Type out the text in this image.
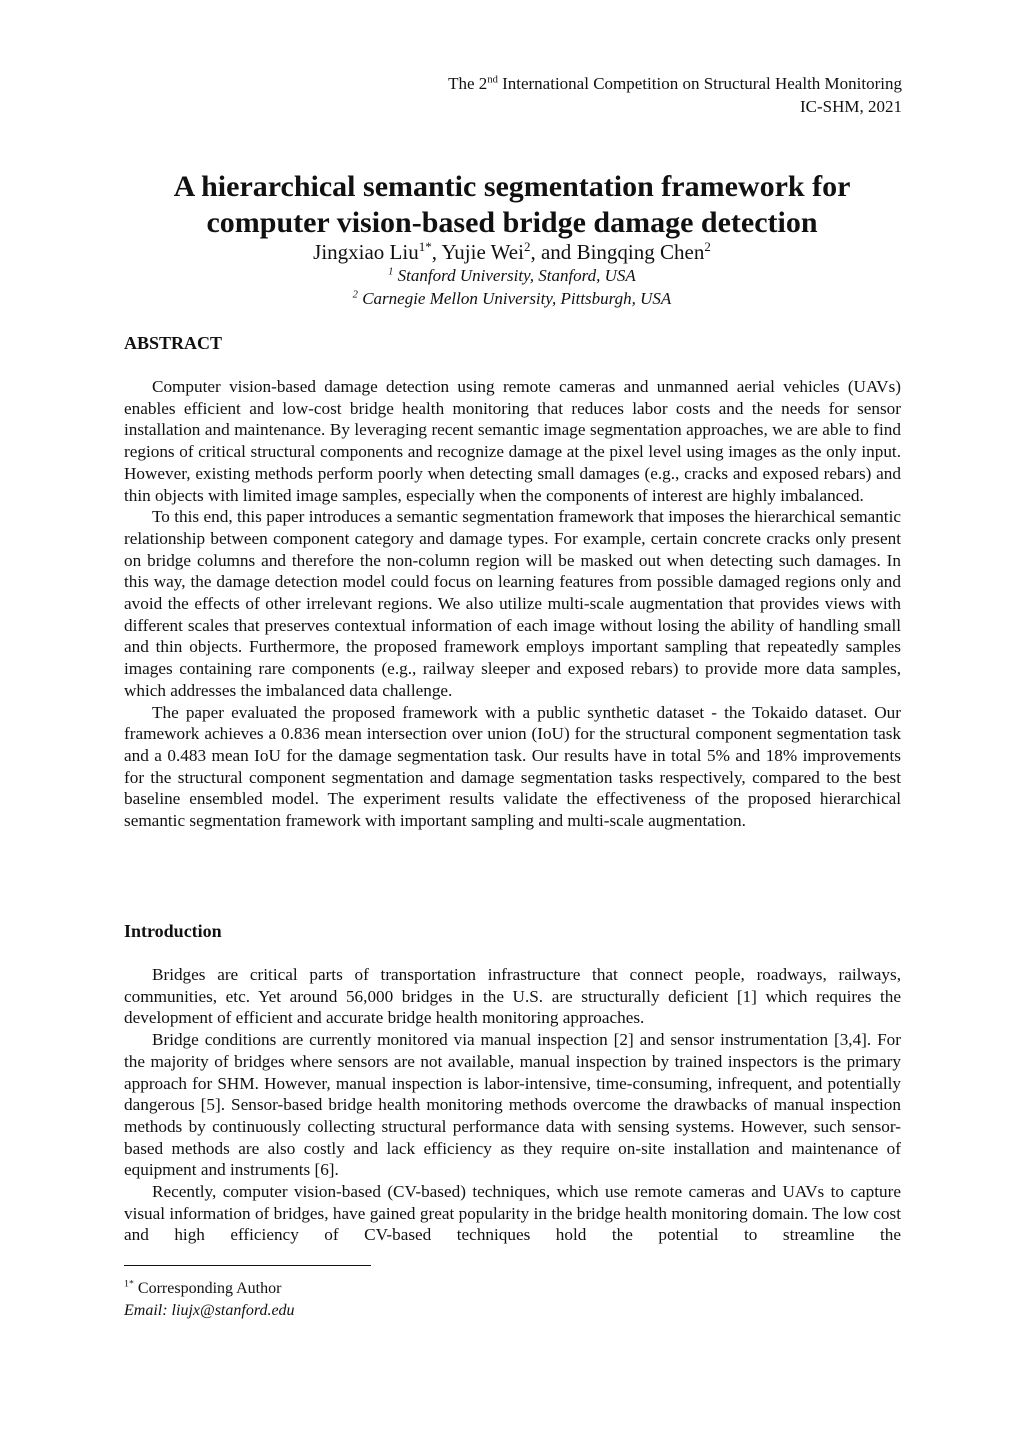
The 2nd International Competition on Structural Health Monitoring
IC-SHM, 2021
A hierarchical semantic segmentation framework for
computer vision-based bridge damage detection
Jingxiao Liu$^{1*}$, Yujie Wei$^2$, and Bingqing Chen$^2$
$^1$ Stanford University, Stanford, USA
$^2$ Carnegie Mellon University, Pittsburgh, USA
ABSTRACT

Computer vision-based damage detection using remote cameras and unmanned aerial vehicles (UAVs) enables efficient and low-cost bridge health monitoring that reduces labor costs and the needs for sensor installation and maintenance. By leveraging recent semantic image segmentation approaches, we are able to find regions of critical structural components and recognize damage at the pixel level using images as the only input. However, existing methods perform poorly when detecting small damages (e.g., cracks and exposed rebars) and thin objects with limited image samples, especially when the components of interest are highly imbalanced.

To this end, this paper introduces a semantic segmentation framework that imposes the hierarchical semantic relationship between component category and damage types. For example, certain concrete cracks only present on bridge columns and therefore the non-column region will be masked out when detecting such damages. In this way, the damage detection model could focus on learning features from possible damaged regions only and avoid the effects of other irrelevant regions. We also utilize multi-scale augmentation that provides views with different scales that preserves contextual information of each image without losing the ability of handling small and thin objects. Furthermore, the proposed framework employs important sampling that repeatedly samples images containing rare components (e.g., railway sleeper and exposed rebars) to provide more data samples, which addresses the imbalanced data challenge.

The paper evaluated the proposed framework with a public synthetic dataset - the Tokaido dataset. Our framework achieves a 0.836 mean intersection over union (IoU) for the structural component segmentation task and a 0.483 mean IoU for the damage segmentation task. Our results have in total 5% and 18% improvements for the structural component segmentation and damage segmentation tasks respectively, compared to the best baseline ensembled model. The experiment results validate the effectiveness of the proposed hierarchical semantic segmentation framework with important sampling and multi-scale augmentation.

Introduction

Bridges are critical parts of transportation infrastructure that connect people, roadways, railways, communities, etc. Yet around 56,000 bridges in the U.S. are structurally deficient [1] which requires the development of efficient and accurate bridge health monitoring approaches.

Bridge conditions are currently monitored via manual inspection [2] and sensor instrumentation [3,4]. For the majority of bridges where sensors are not available, manual inspection by trained inspectors is the primary approach for SHM. However, manual inspection is labor-intensive, time-consuming, infrequent, and potentially dangerous [5]. Sensor-based bridge health monitoring methods overcome the drawbacks of manual inspection methods by continuously collecting structural performance data with sensing systems. However, such sensor-based methods are also costly and lack efficiency as they require on-site installation and maintenance of equipment and instruments [6].

Recently, computer vision-based (CV-based) techniques, which use remote cameras and UAVs to capture visual information of bridges, have gained great popularity in the bridge health monitoring domain. The low cost and high efficiency of CV-based techniques hold the potential to streamline the

$^{1*}$ Corresponding Author
Email: liujx@stanford.edu
